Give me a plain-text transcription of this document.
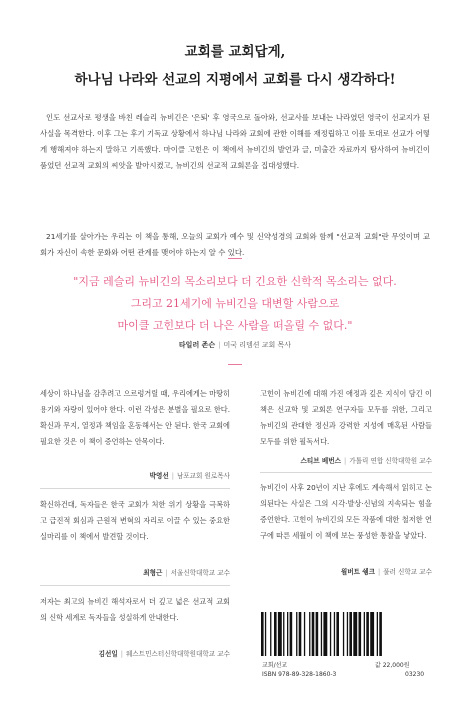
교회를 교회답게,
하나님 나라와 선교의 지평에서 교회를 다시 생각하다!

인도 선교사로 평생을 바친 레슬리 뉴비긴은 '은퇴' 후 영국으로 돌아와, 선교사를 보내는 나라였던 영국이 선교지가 된 사실을 목격한다. 이후 그는 후기 기독교 상황에서 하나님 나라와 교회에 관한 이해를 재정립하고 이를 토대로 선교가 어떻게 행해져야 하는지 말하고 기록했다. 마이클 고힌은 이 책에서 뉴비긴의 발언과 글, 미출간 자료까지 탐사하여 뉴비긴이 품었던 선교적 교회의 씨앗을 발아시켰고, 뉴비긴의 선교적 교회론을 집대성했다.

21세기를 살아가는 우리는 이 책을 통해, 오늘의 교회가 예수 및 신약성경의 교회와 함께 "선교적 교회"란 무엇이며 교회가 자신이 속한 문화와 어떤 관계를 맺어야 하는지 알 수 있다.

"지금 레슬리 뉴비긴의 목소리보다 더 긴요한 신학적 목소리는 없다.
그리고 21세기에 뉴비긴을 대변할 사람으로
마이클 고힌보다 더 나은 사람을 떠올릴 수 없다."
타일러 존슨 | 미국 리뎀션 교회 목사

세상이 하나님을 감추려고 으르렁거릴 때, 우리에게는 마땅히 용기와 자랑이 있어야 한다. 이런 각성은 분별을 필요로 한다. 확신과 무지, 열정과 책임을 혼동해서는 안 된다. 한국 교회에 필요한 것은 이 책이 증언하는 안목이다.

박영선 | 남포교회 원로목사

확신하건대, 독자들은 한국 교회가 처한 위기 상황을 극복하고 급진적 회심과 근원적 변혁의 자리로 이끌 수 있는 중요한 실마리를 이 책에서 발견할 것이다.

최형근 | 서울신학대학교 교수

저자는 최고의 뉴비긴 해석자로서 더 깊고 넓은 선교적 교회의 신학 세계로 독자들을 성실하게 안내한다.

김선일 | 웨스트민스터신학대학원대학교 교수

고힌이 뉴비긴에 대해 가진 애정과 깊은 지식이 담긴 이 책은 신교학 및 교회론 연구자들 모두를 위한, 그리고 뉴비긴의 관대한 정신과 강력한 지성에 매혹된 사람들 모두를 위한 필독서다.

스티브 베번스 | 가톨릭 연합 신학대학원 교수

뉴비긴이 사후 20년이 지난 후에도 계속해서 읽히고 논의된다는 사실은 그의 시각·발상·신념의 지속되는 힘을 증언한다. 고힌이 뉴비긴의 모든 작품에 대한 철저한 연구에 따른 세월이 이 책에 보는 풍성한 통찰을 낳았다.

윌버트 쉥크 | 풀러 신학교 교수
교회/선교	값 22,000원
ISBN 978-89-328-1860-3	03230
